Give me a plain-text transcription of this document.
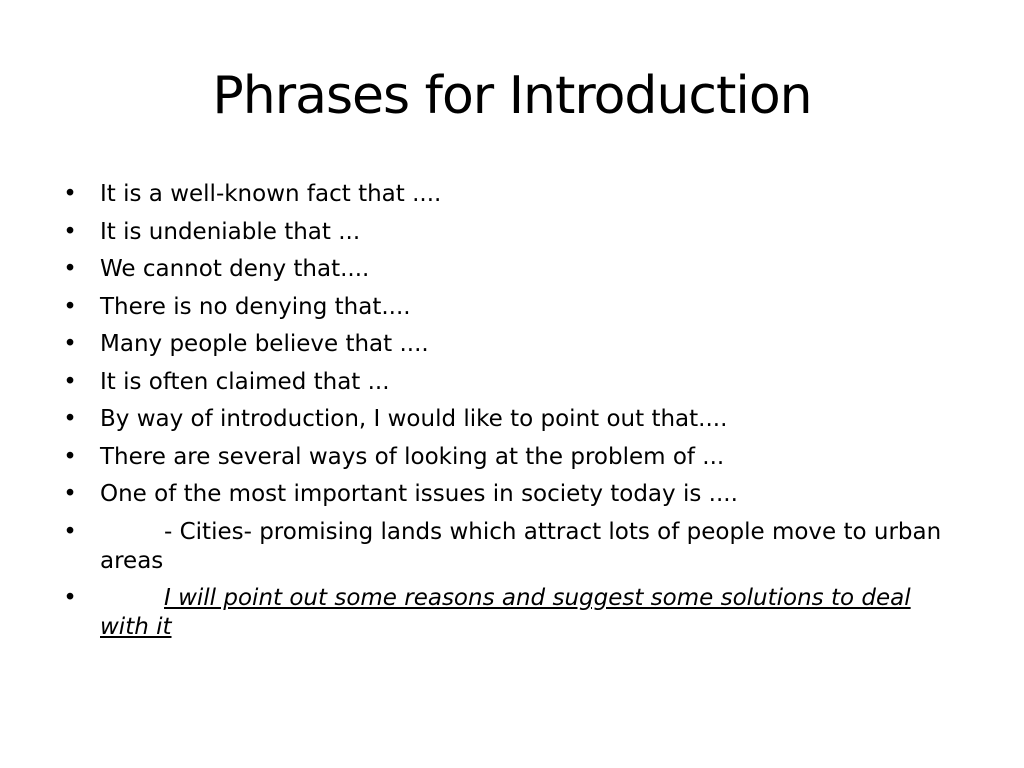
Phrases for Introduction
• It is a well-known fact that ....
• It is undeniable that ...
• We cannot deny that....
• There is no denying that....
• Many people believe that ....
• It is often claimed that ...
• By way of introduction, I would like to point out that....
• There are several ways of looking at the problem of ...
• One of the most important issues in society today is ....
•	- Cities- promising lands which attract lots of people move to urban areas
•	I will point out some reasons and suggest some solutions to deal with it
